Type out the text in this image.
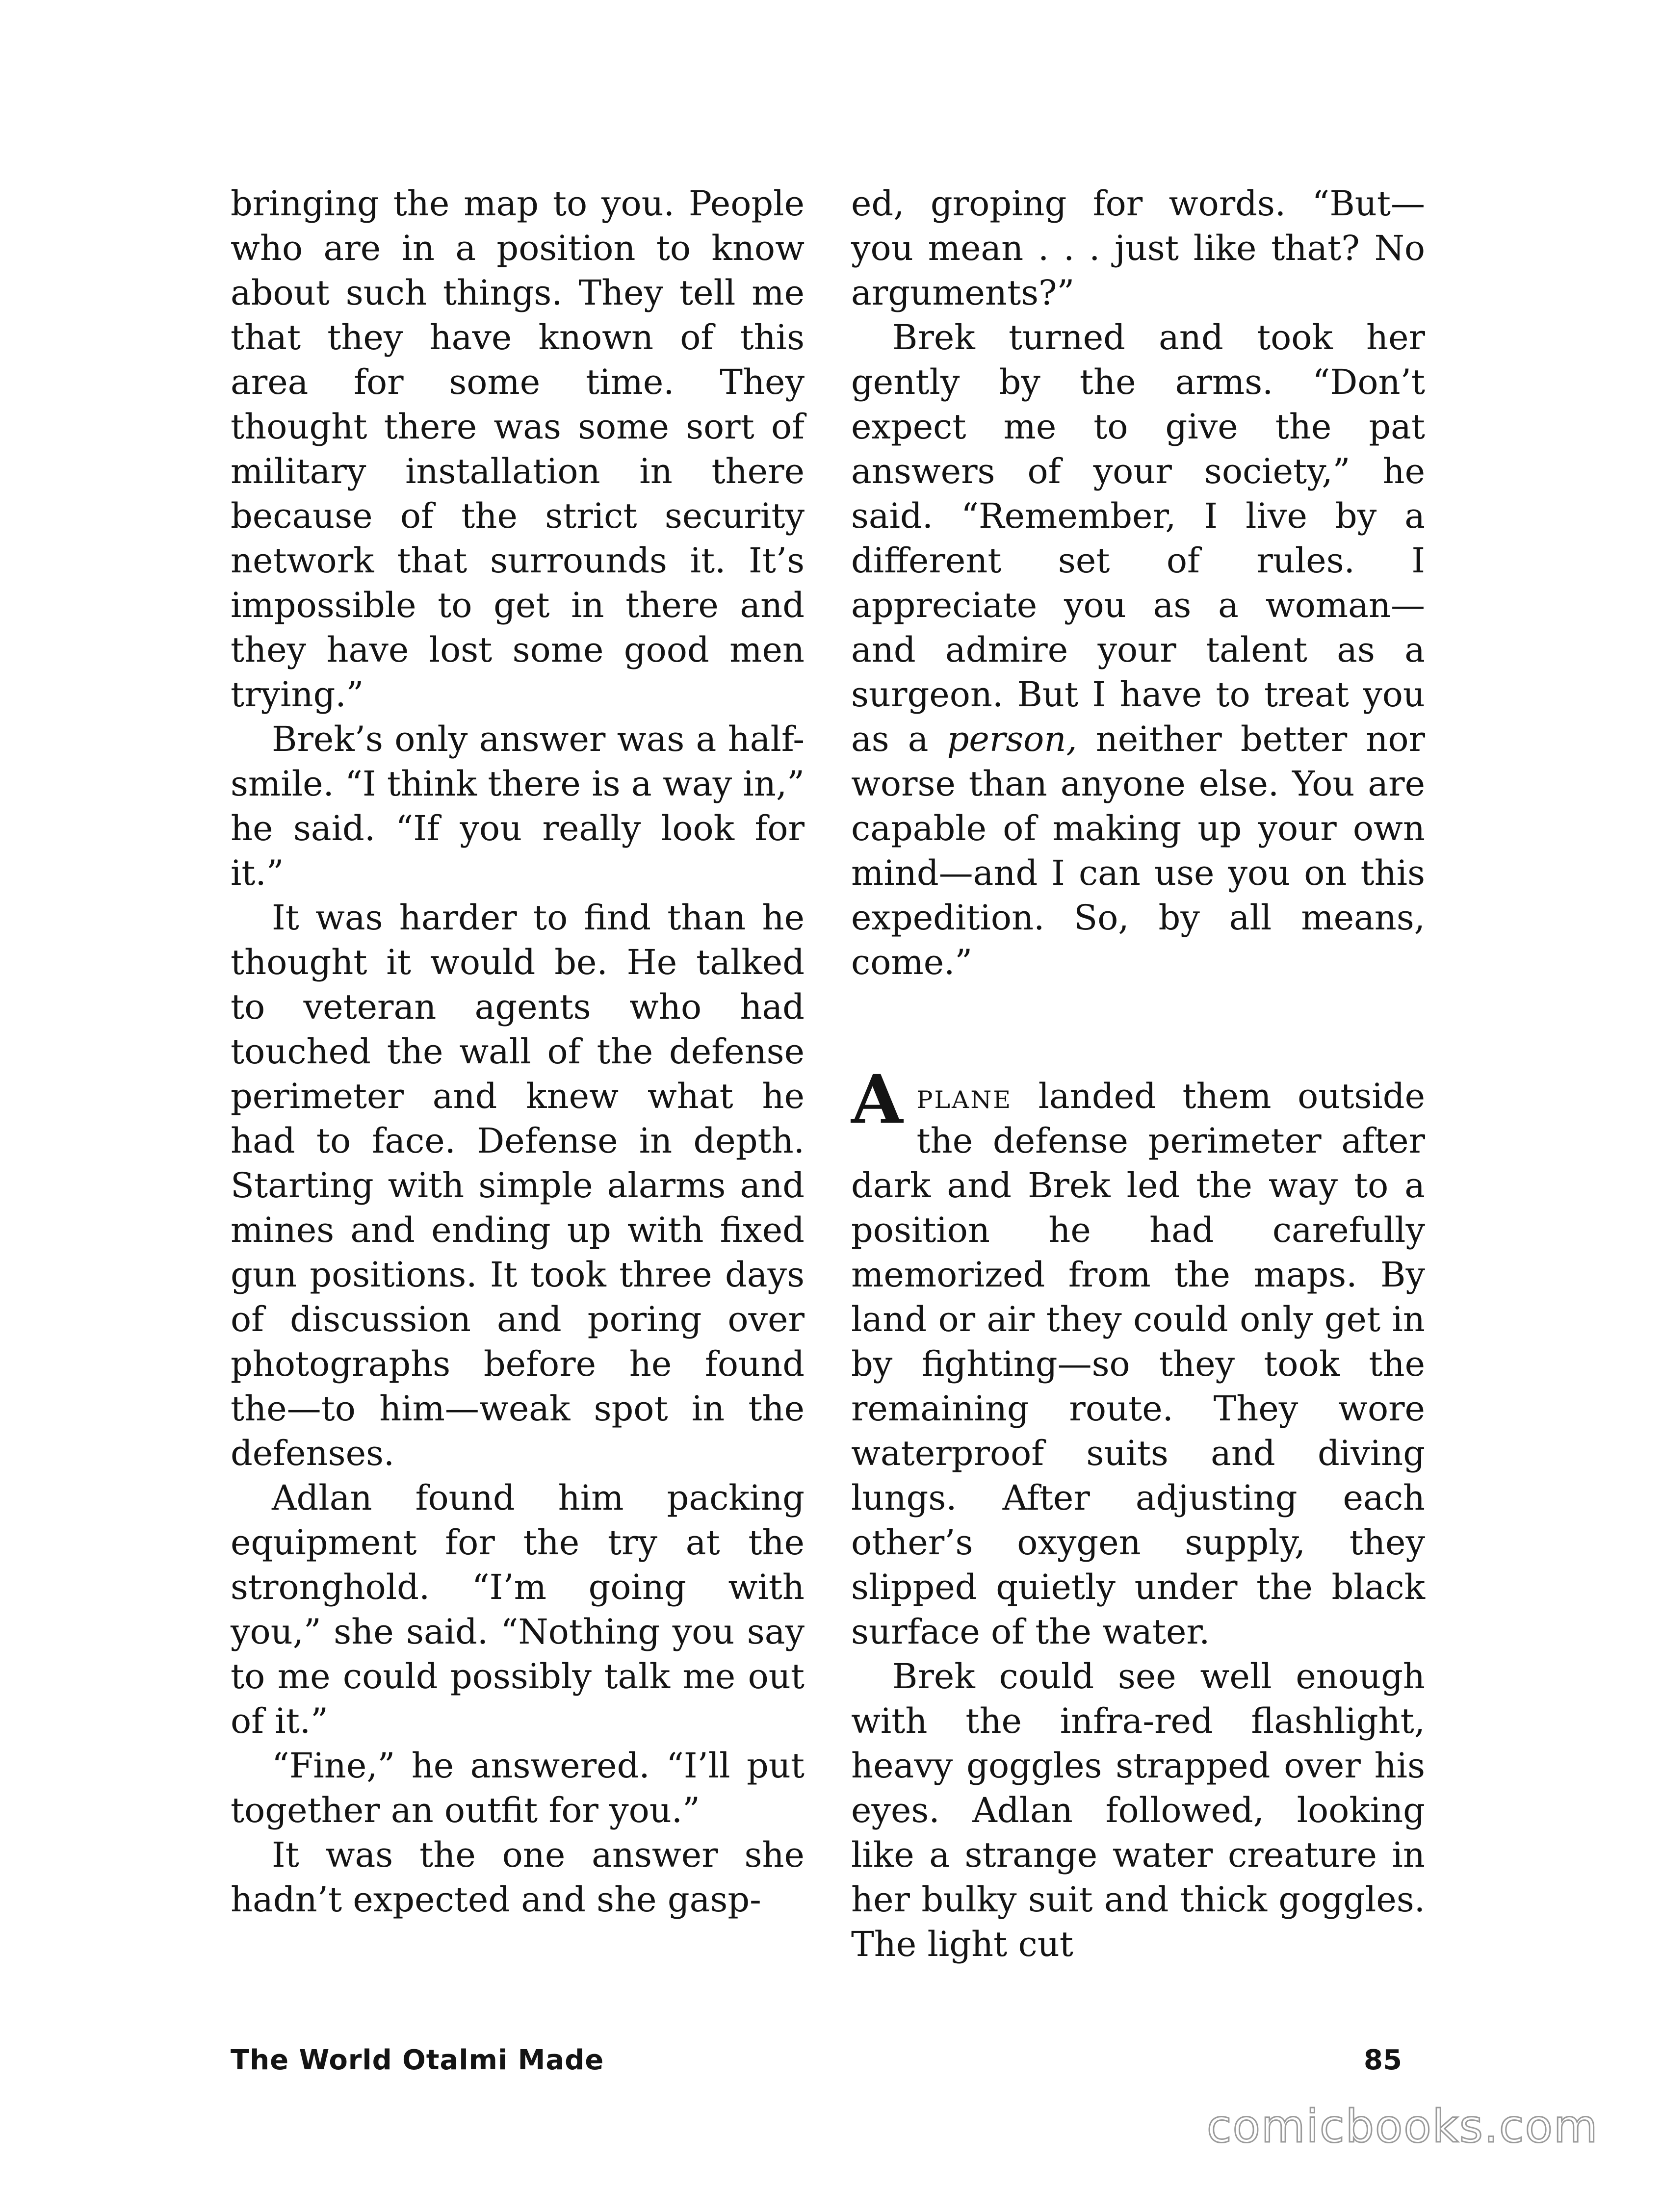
bringing the map to you. People who are in a position to know about such things. They tell me that they have known of this area for some time. They thought there was some sort of military installation in there because of the strict security network that surrounds it. It’s impossible to get in there and they have lost some good men trying.”

Brek’s only answer was a half-smile. “I think there is a way in,” he said. “If you really look for it.”

It was harder to find than he thought it would be. He talked to veteran agents who had touched the wall of the defense perimeter and knew what he had to face. Defense in depth. Starting with simple alarms and mines and ending up with fixed gun positions. It took three days of discussion and poring over photographs before he found the—to him—weak spot in the defenses.

Adlan found him packing equipment for the try at the stronghold. “I’m going with you,” she said. “Nothing you say to me could possibly talk me out of it.”

“Fine,” he answered. “I’ll put together an outfit for you.”

It was the one answer she hadn’t expected and she gasp-

ed, groping for words. “But—you mean . . . just like that? No arguments?”

Brek turned and took her gently by the arms. “Don’t expect me to give the pat answers of your society,” he said. “Remember, I live by a different set of rules. I appreciate you as a woman—and admire your talent as a surgeon. But I have to treat you as a person, neither better nor worse than anyone else. You are capable of making up your own mind—and I can use you on this expedition. So, by all means, come.”

Aplane landed them outside the defense perimeter after dark and Brek led the way to a position he had carefully memorized from the maps. By land or air they could only get in by fighting—so they took the remaining route. They wore waterproof suits and diving lungs. After adjusting each other’s oxygen supply, they slipped quietly under the black surface of the water.

Brek could see well enough with the infra-red flashlight, heavy goggles strapped over his eyes. Adlan followed, looking like a strange water creature in her bulky suit and thick goggles. The light cut

The World Otalmi Made	85
comicbooks.com
